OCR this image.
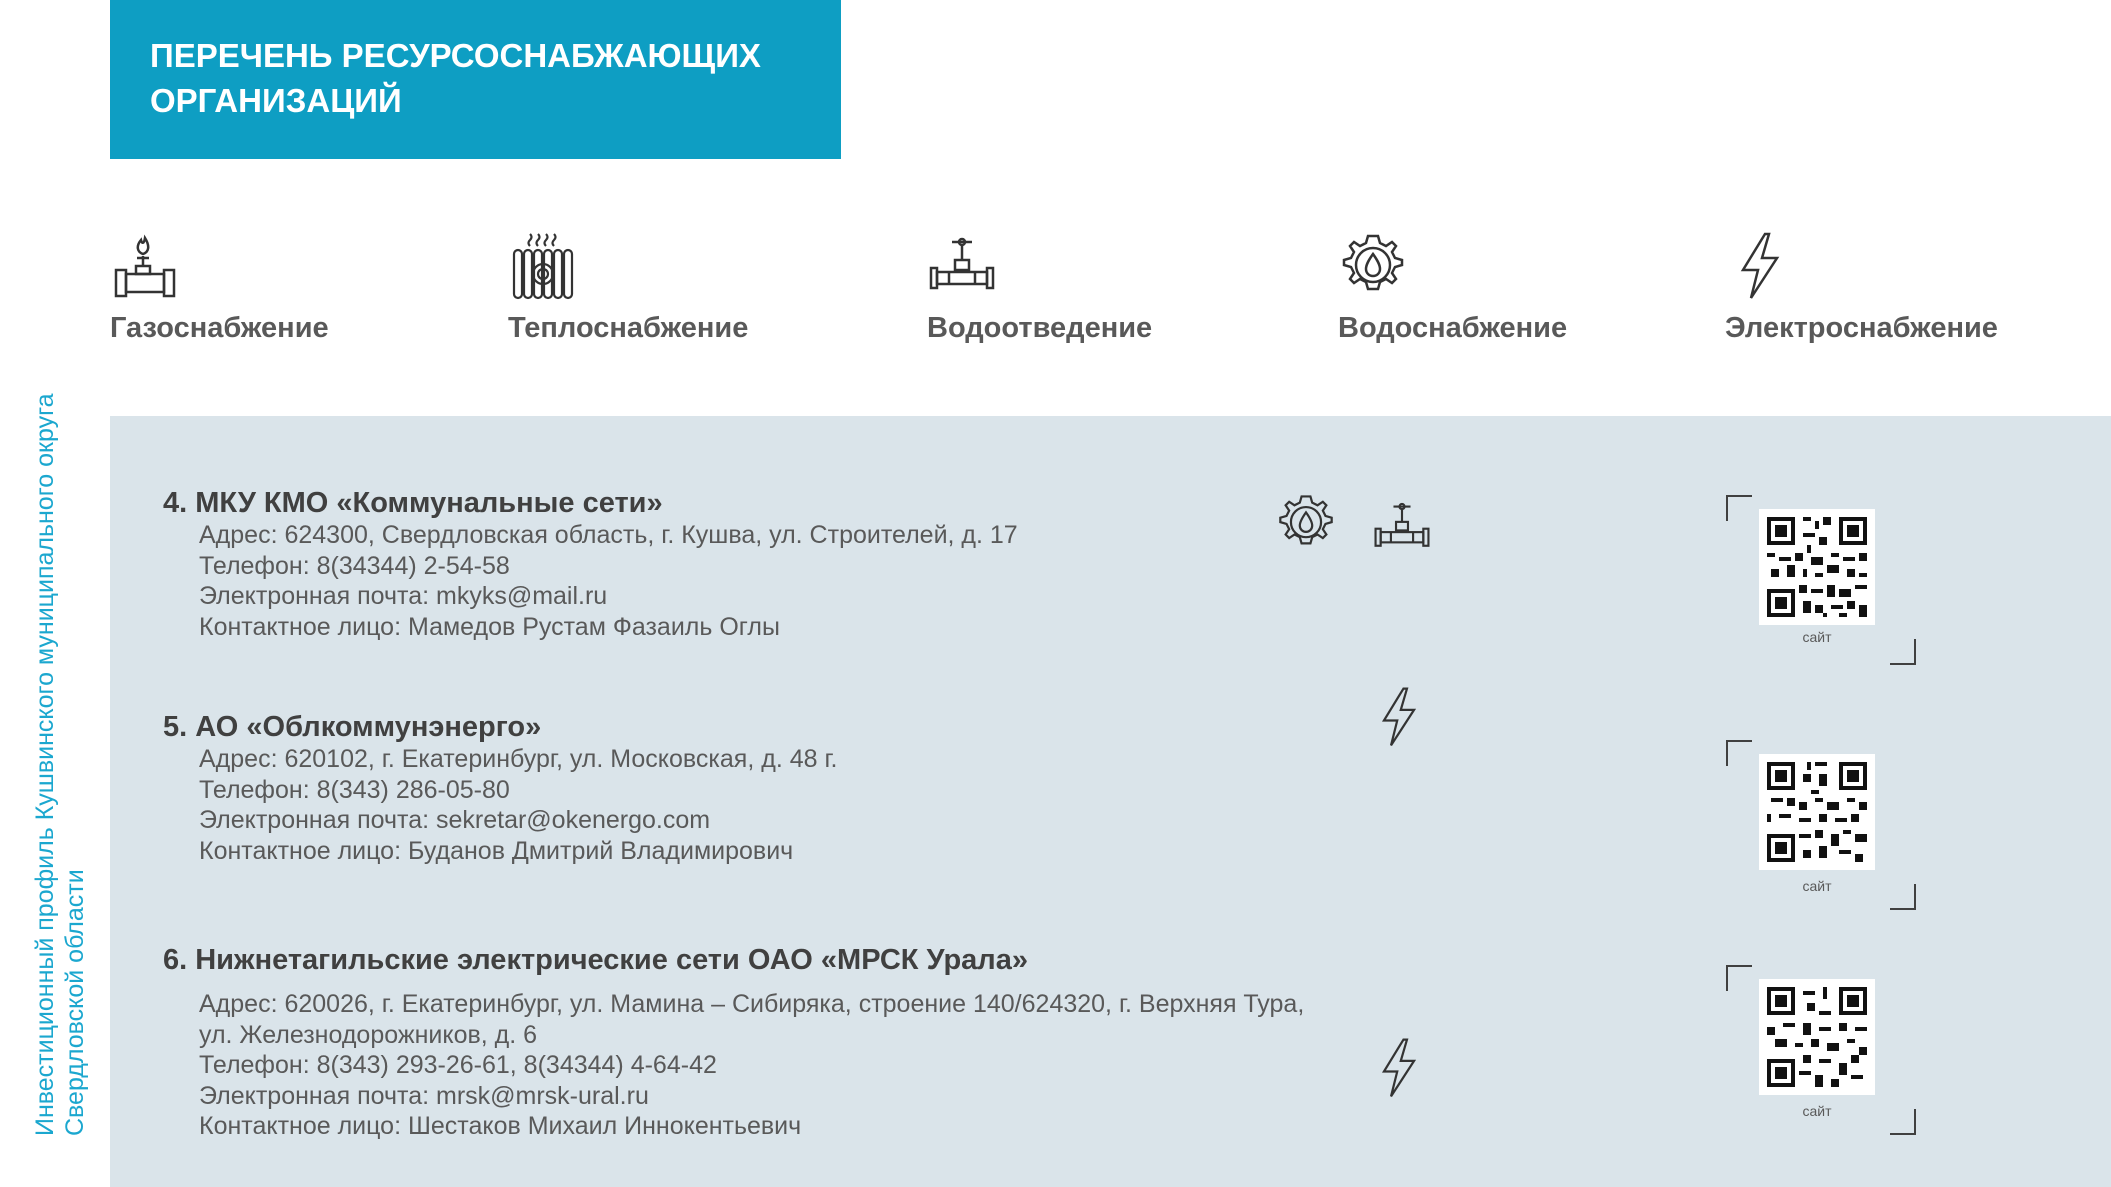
ПЕРЕЧЕНЬ РЕСУРСОСНАБЖАЮЩИХ
ОРГАНИЗАЦИЙ
Инвестиционный профиль Кушвинского муниципального округа Свердловской области
Газоснабжение	Теплоснабжение	Водоотведение	Водоснабжение	Электроснабжение
4. МКУ КМО «Коммунальные сети»
Адрес: 624300, Свердловская область, г. Кушва, ул. Строителей, д. 17
Телефон: 8(34344) 2-54-58
Электронная почта: mkyks@mail.ru
Контактное лицо: Мамедов Рустам Фазаиль Оглы	сайт
5. АО «Облкоммунэнерго»
Адрес: 620102, г. Екатеринбург, ул. Московская, д. 48 г.
Телефон: 8(343) 286-05-80
Электронная почта: sekretar@okenergo.com
Контактное лицо: Буданов Дмитрий Владимирович
сайт
6. Нижнетагильские электрические сети ОАО «МРСК Урала»
Адрес: 620026, г. Екатеринбург, ул. Мамина – Сибиряка, строение 140/624320, г. Верхняя Тура,
ул. Железнодорожников, д. 6
Телефон: 8(343) 293-26-61, 8(34344) 4-64-42
Электронная почта: mrsk@mrsk-ural.ru
Контактное лицо: Шестаков Михаил Иннокентьевич
сайт
